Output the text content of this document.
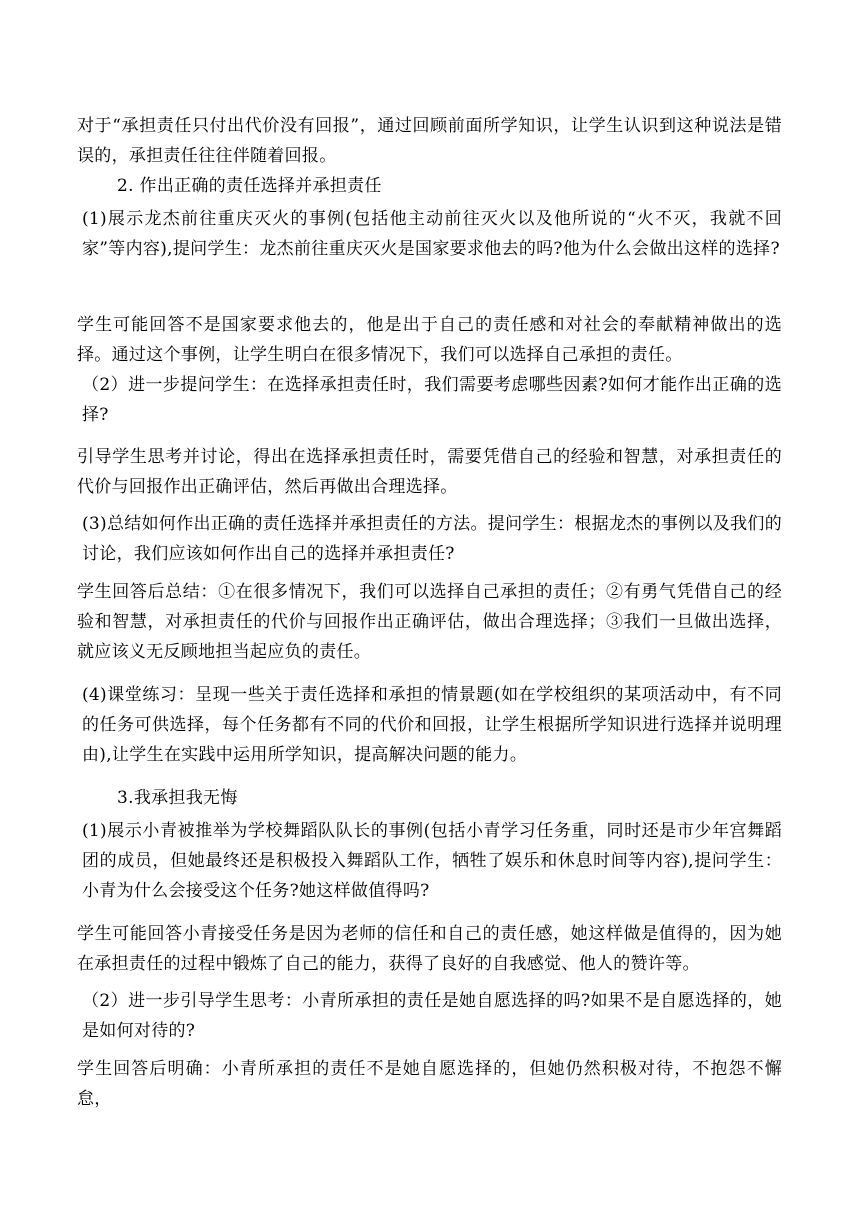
对于“承担责任只付出代价没有回报”，通过回顾前面所学知识，让学生认识到这种说法是错误的，承担责任往往伴随着回报。

2. 作出正确的责任选择并承担责任

(1)展示龙杰前往重庆灭火的事例(包括他主动前往灭火以及他所说的“火不灭，我就不回家”等内容),提问学生：龙杰前往重庆灭火是国家要求他去的吗?他为什么会做出这样的选择?

学生可能回答不是国家要求他去的，他是出于自己的责任感和对社会的奉献精神做出的选择。通过这个事例，让学生明白在很多情况下，我们可以选择自己承担的责任。

（2）进一步提问学生：在选择承担责任时，我们需要考虑哪些因素?如何才能作出正确的选择?

引导学生思考并讨论，得出在选择承担责任时，需要凭借自己的经验和智慧，对承担责任的代价与回报作出正确评估，然后再做出合理选择。

(3)总结如何作出正确的责任选择并承担责任的方法。提问学生：根据龙杰的事例以及我们的讨论，我们应该如何作出自己的选择并承担责任?

学生回答后总结：①在很多情况下，我们可以选择自己承担的责任；②有勇气凭借自己的经验和智慧，对承担责任的代价与回报作出正确评估，做出合理选择；③我们一旦做出选择，就应该义无反顾地担当起应负的责任。

(4)课堂练习：呈现一些关于责任选择和承担的情景题(如在学校组织的某项活动中，有不同的任务可供选择，每个任务都有不同的代价和回报，让学生根据所学知识进行选择并说明理由),让学生在实践中运用所学知识，提高解决问题的能力。

3.我承担我无悔

(1)展示小青被推举为学校舞蹈队队长的事例(包括小青学习任务重，同时还是市少年宫舞蹈团的成员，但她最终还是积极投入舞蹈队工作，牺牲了娱乐和休息时间等内容),提问学生：小青为什么会接受这个任务?她这样做值得吗?

学生可能回答小青接受任务是因为老师的信任和自己的责任感，她这样做是值得的，因为她在承担责任的过程中锻炼了自己的能力，获得了良好的自我感觉、他人的赞许等。

（2）进一步引导学生思考：小青所承担的责任是她自愿选择的吗?如果不是自愿选择的，她是如何对待的?

学生回答后明确：小青所承担的责任不是她自愿选择的，但她仍然积极对待，不抱怨不懈怠，
